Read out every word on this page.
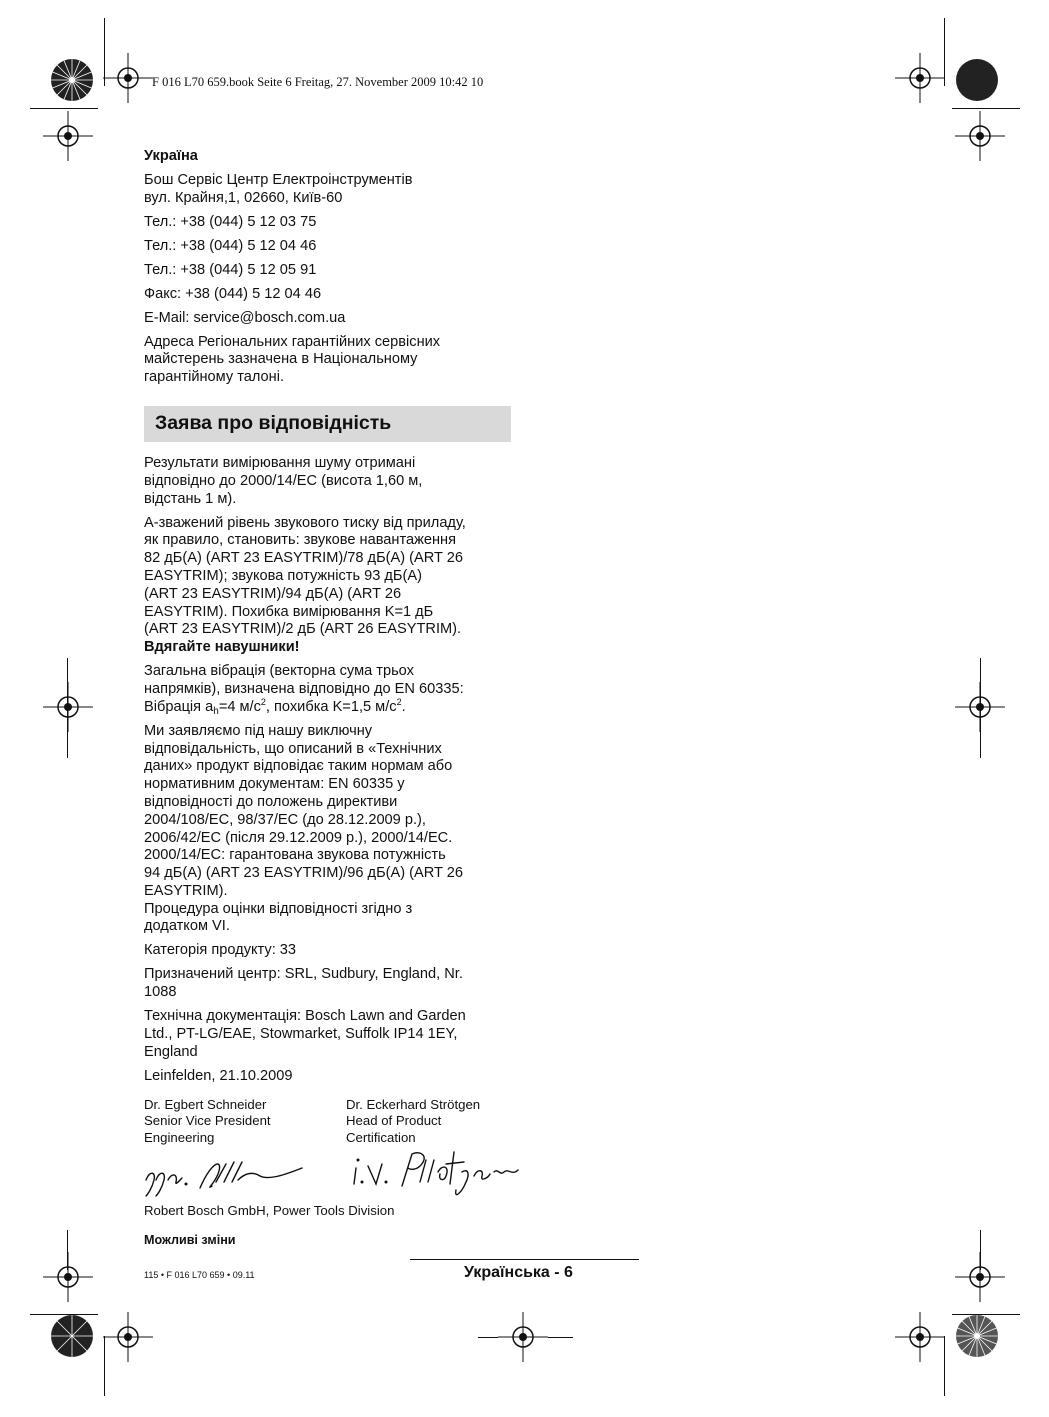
F 016 L70 659.book Seite 6 Freitag, 27. November 2009 10:42 10

Україна

Бош Сервіс Центр Електроінструментів
вул. Крайня,1, 02660, Київ-60

Тел.: +38 (044) 5 12 03 75

Тел.: +38 (044) 5 12 04 46

Тел.: +38 (044) 5 12 05 91

Факс: +38 (044) 5 12 04 46

E-Mail: service@bosch.com.ua

Адреса Регіональних гарантійних сервісних
майстерень зазначена в Національному
гарантійному талоні.

Заява про відповідність

Результати вимірювання шуму отримані
відповідно до 2000/14/EC (висота 1,60 м,
відстань 1 м).

А-зважений рівень звукового тиску від приладу,
як правило, становить: звукове навантаження
82 дБ(A) (ART 23 EASYTRIM)/78 дБ(A) (ART 26
EASYTRIM); звукова потужність 93 дБ(A)
(ART 23 EASYTRIM)/94 дБ(A) (ART 26
EASYTRIM). Похибка вимірювання K=1 дБ
(ART 23 EASYTRIM)/2 дБ (ART 26 EASYTRIM).
Вдягайте навушники!

Загальна вібрація (векторна сума трьох
напрямків), визначена відповідно до EN 60335:
Вібрація $a_h=4$ $м/с^2$, похибка K=1,5 $м/с^2$.

Ми заявляємо під нашу виключну
відповідальність, що описаний в «Технічних
даних» продукт відповідає таким нормам або
нормативним документам: EN 60335 у
відповідності до положень директиви
2004/108/EC, 98/37/EC (до 28.12.2009 р.),
2006/42/EC (після 29.12.2009 р.), 2000/14/EC.
2000/14/EC: гарантована звукова потужність
94 дБ(A) (ART 23 EASYTRIM)/96 дБ(A) (ART 26
EASYTRIM).
Процедура оцінки відповідності згідно з
додатком VI.

Категорія продукту: 33

Призначений центр: SRL, Sudbury, England, Nr.
1088

Технічна документація: Bosch Lawn and Garden
Ltd., PT-LG/EAE, Stowmarket, Suffolk IP14 1EY,
England

Leinfelden, 21.10.2009

Dr. Egbert Schneider
Senior Vice President
Engineering
Dr. Eckerhard Strötgen
Head of Product
Certification
Robert Bosch GmbH, Power Tools Division
Можливі зміни
115 • F 016 L70 659 • 09.11	Українська - 6
